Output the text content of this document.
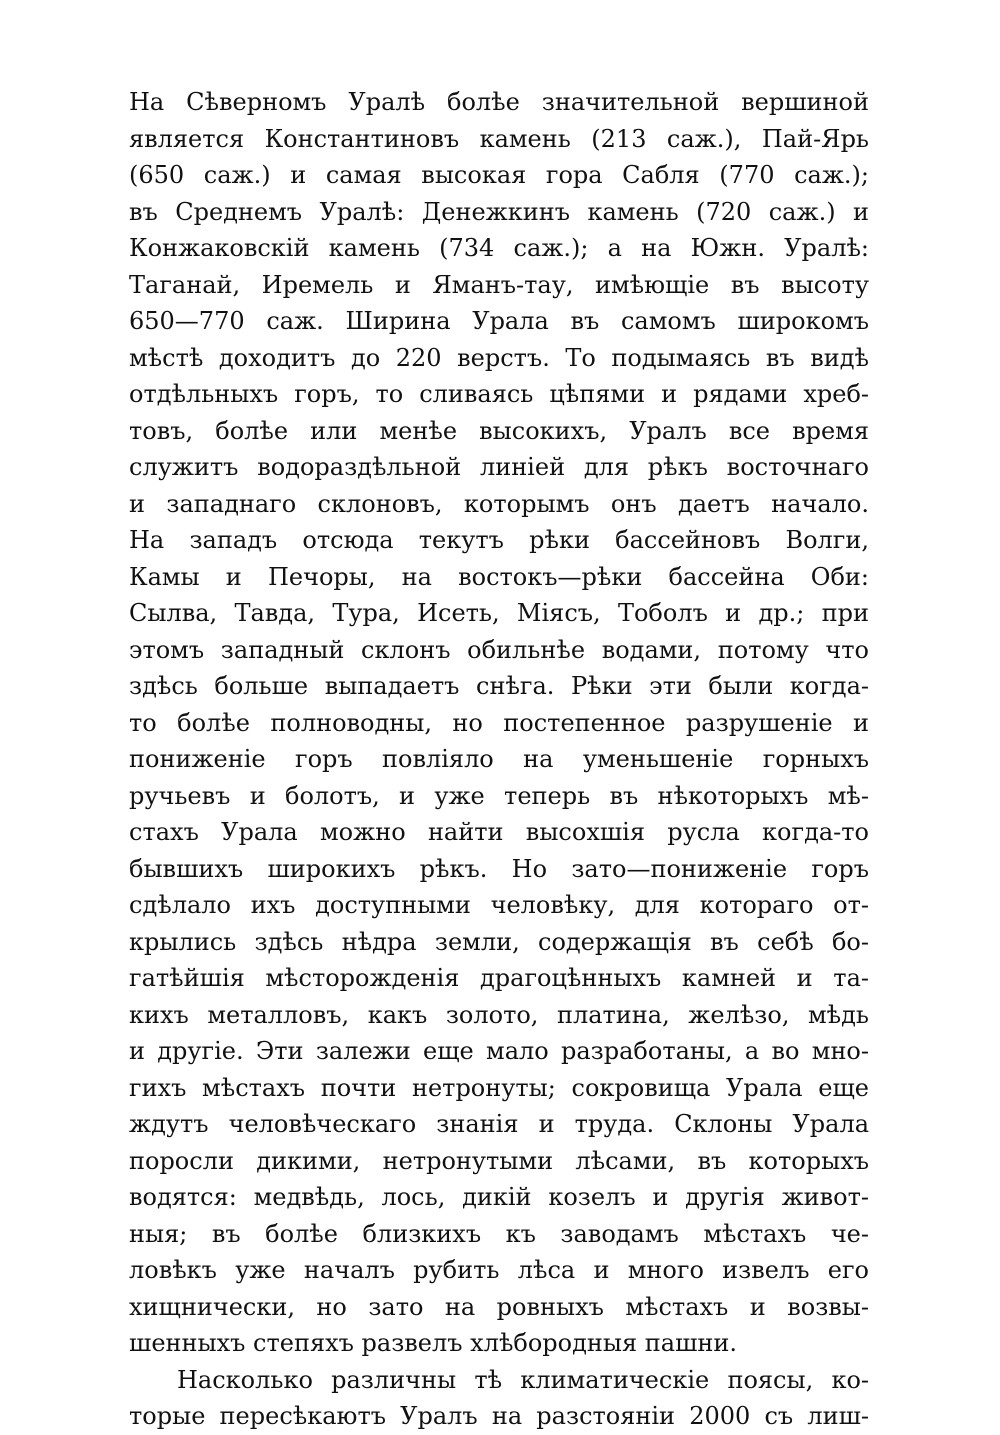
На Сѣверномъ Уралѣ болѣе значительной вершиной
является Константиновъ камень (213 саж.), Пай-Ярь
(650 саж.) и самая высокая гора Сабля (770 саж.);
въ Среднемъ Уралѣ: Денежкинъ камень (720 саж.) и
Конжаковскій камень (734 саж.); а на Южн. Уралѣ:
Таганай, Иремель и Яманъ-тау, имѣющіе въ высоту
650—770 саж. Ширина Урала въ самомъ широкомъ
мѣстѣ доходитъ до 220 верстъ. То подымаясь въ видѣ
отдѣльныхъ горъ, то сливаясь цѣпями и рядами хреб-
товъ, болѣе или менѣе высокихъ, Уралъ все время
служитъ водораздѣльной линіей для рѣкъ восточнаго
и западнаго склоновъ, которымъ онъ даетъ начало.
На западъ отсюда текутъ рѣки бассейновъ Волги,
Камы и Печоры, на востокъ—рѣки бассейна Оби:
Сылва, Тавда, Тура, Исеть, Міясъ, Тоболъ и др.; при
этомъ западный склонъ обильнѣе водами, потому что
здѣсь больше выпадаетъ снѣга. Рѣки эти были когда-
то болѣе полноводны, но постепенное разрушеніе и
пониженіе горъ повліяло на уменьшеніе горныхъ
ручьевъ и болотъ, и уже теперь въ нѣкоторыхъ мѣ-
стахъ Урала можно найти высохшія русла когда-то
бывшихъ широкихъ рѣкъ. Но зато—пониженіе горъ
сдѣлало ихъ доступными человѣку, для котораго от-
крылись здѣсь нѣдра земли, содержащія въ себѣ бо-
гатѣйшія мѣсторожденія драгоцѣнныхъ камней и та-
кихъ металловъ, какъ золото, платина, желѣзо, мѣдь
и другіе. Эти залежи еще мало разработаны, а во мно-
гихъ мѣстахъ почти нетронуты; сокровища Урала еще
ждутъ человѣческаго знанія и труда. Склоны Урала
поросли дикими, нетронутыми лѣсами, въ которыхъ
водятся: медвѣдь, лось, дикій козелъ и другія живот-
ныя; въ болѣе близкихъ къ заводамъ мѣстахъ че-
ловѣкъ уже началъ рубить лѣса и много извелъ его
хищнически, но зато на ровныхъ мѣстахъ и возвы-
шенныхъ степяхъ развелъ хлѣбородныя пашни.
Насколько различны тѣ климатическіе поясы, ко-
торые пересѣкаютъ Уралъ на разстояніи 2000 съ лиш-
